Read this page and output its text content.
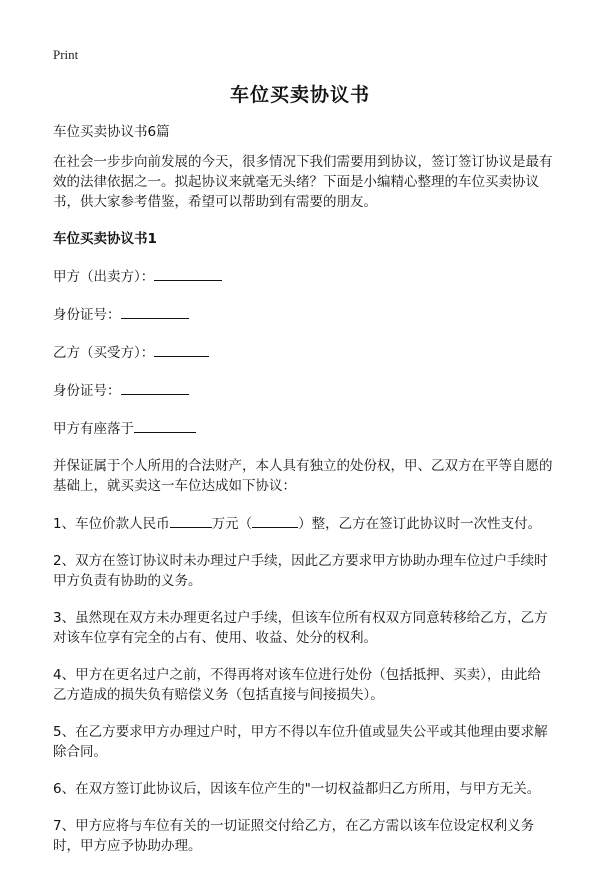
Print
车位买卖协议书
车位买卖协议书6篇

在社会一步步向前发展的今天，很多情况下我们需要用到协议，签订签订协议是最有效的法律依据之一。拟起协议来就毫无头绪？下面是小编精心整理的车位买卖协议书，供大家参考借鉴，希望可以帮助到有需要的朋友。

车位买卖协议书1

甲方（出卖方）：

身份证号：

乙方（买受方）：

身份证号：

甲方有座落于

并保证属于个人所用的合法财产，本人具有独立的处份权，甲、乙双方在平等自愿的基础上，就买卖这一车位达成如下协议：

1、车位价款人民币	万元（	）整，乙方在签订此协议时一次性支付。

2、双方在签订协议时未办理过户手续，因此乙方要求甲方协助办理车位过户手续时甲方负责有协助的义务。

3、虽然现在双方未办理更名过户手续，但该车位所有权双方同意转移给乙方，乙方对该车位享有完全的占有、使用、收益、处分的权利。

4、甲方在更名过户之前，不得再将对该车位进行处份（包括抵押、买卖），由此给乙方造成的损失负有赔偿义务（包括直接与间接损失）。

5、在乙方要求甲方办理过户时，甲方不得以车位升值或显失公平或其他理由要求解除合同。

6、在双方签订此协议后，因该车位产生的"一切权益都归乙方所用，与甲方无关。

7、甲方应将与车位有关的一切证照交付给乙方，在乙方需以该车位设定权利义务时，甲方应予协助办理。
